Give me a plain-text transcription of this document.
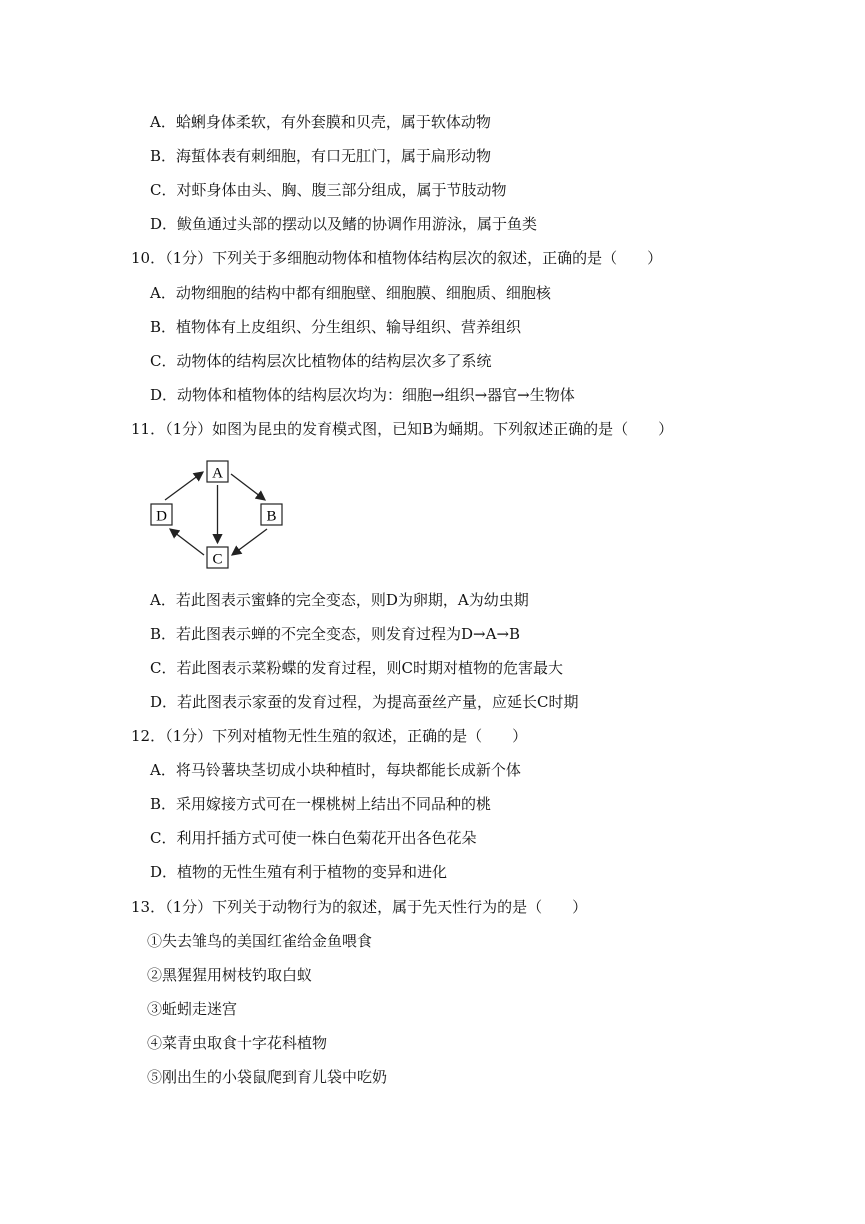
A．蛤蜊身体柔软，有外套膜和贝壳，属于软体动物
B．海蜇体表有刺细胞，有口无肛门，属于扁形动物
C．对虾身体由头、胸、腹三部分组成，属于节肢动物
D．鲅鱼通过头部的摆动以及鳍的协调作用游泳，属于鱼类
10．（1分）下列关于多细胞动物体和植物体结构层次的叙述，正确的是（　　）
A．动物细胞的结构中都有细胞壁、细胞膜、细胞质、细胞核
B．植物体有上皮组织、分生组织、输导组织、营养组织
C．动物体的结构层次比植物体的结构层次多了系统
D．动物体和植物体的结构层次均为：细胞→组织→器官→生物体
11．（1分）如图为昆虫的发育模式图，已知B为蛹期。下列叙述正确的是（　　）
A
B
C
D
A．若此图表示蜜蜂的完全变态，则D为卵期，A为幼虫期
B．若此图表示蝉的不完全变态，则发育过程为D→A→B
C．若此图表示菜粉蝶的发育过程，则C时期对植物的危害最大
D．若此图表示家蚕的发育过程，为提高蚕丝产量，应延长C时期
12．（1分）下列对植物无性生殖的叙述，正确的是（　　）
A．将马铃薯块茎切成小块种植时，每块都能长成新个体
B．采用嫁接方式可在一棵桃树上结出不同品种的桃
C．利用扦插方式可使一株白色菊花开出各色花朵
D．植物的无性生殖有利于植物的变异和进化
13．（1分）下列关于动物行为的叙述，属于先天性行为的是（　　）
①失去雏鸟的美国红雀给金鱼喂食
②黑猩猩用树枝钓取白蚁
③蚯蚓走迷宫
④菜青虫取食十字花科植物
⑤刚出生的小袋鼠爬到育儿袋中吃奶
